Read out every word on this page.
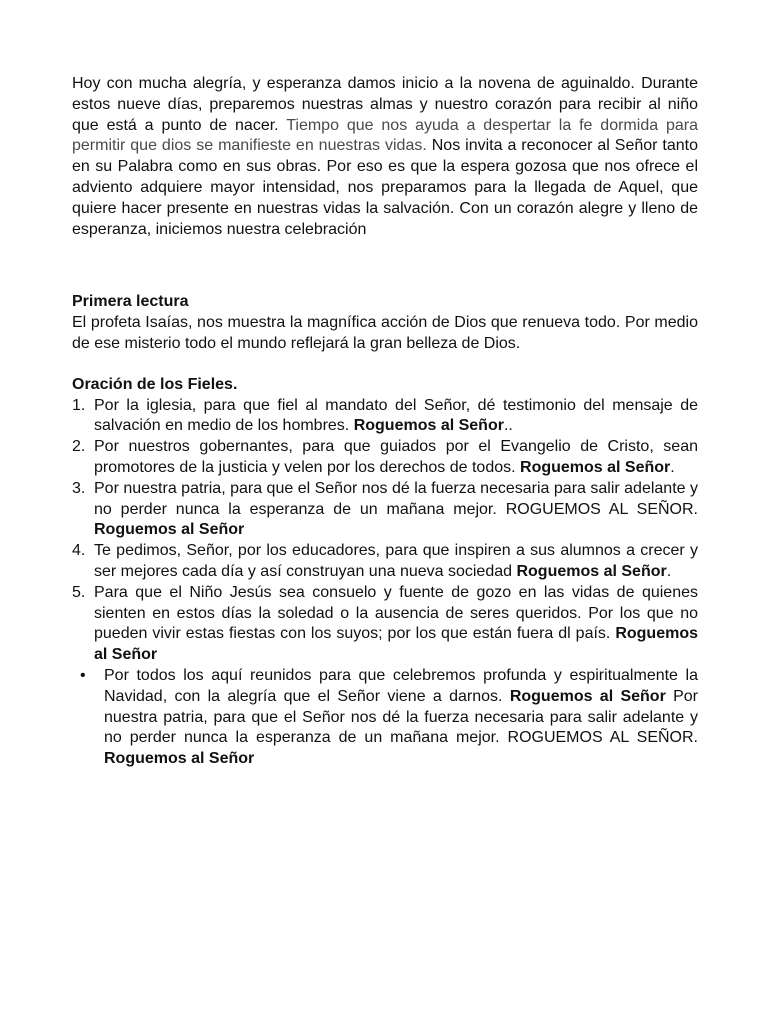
Hoy con mucha alegría, y esperanza damos inicio a la novena de aguinaldo. Durante estos nueve días, preparemos nuestras almas y nuestro corazón para recibir al niño que está a punto de nacer. Tiempo que nos ayuda a despertar la fe dormida para permitir que dios se manifieste en nuestras vidas. Nos invita a reconocer al Señor tanto en su Palabra como en sus obras. Por eso es que la espera gozosa que nos ofrece el adviento adquiere mayor intensidad, nos preparamos para la llegada de Aquel, que quiere hacer presente en nuestras vidas la salvación. Con un corazón alegre y lleno de esperanza, iniciemos nuestra celebración

Primera lectura

El profeta Isaías, nos muestra la magnífica acción de Dios que renueva todo. Por medio de ese misterio todo el mundo reflejará la gran belleza de Dios.

Oración de los Fieles.
1. Por la iglesia, para que fiel al mandato del Señor, dé testimonio del mensaje de salvación en medio de los hombres. Roguemos al Señor..
2. Por nuestros gobernantes, para que guiados por el Evangelio de Cristo, sean promotores de la justicia y velen por los derechos de todos. Roguemos al Señor.
3. Por nuestra patria, para que el Señor nos dé la fuerza necesaria para salir adelante y no perder nunca la esperanza de un mañana mejor. ROGUEMOS AL SEÑOR. Roguemos al Señor
4. Te pedimos, Señor, por los educadores, para que inspiren a sus alumnos a crecer y ser mejores cada día y así construyan una nueva sociedad Roguemos al Señor.
5. Para que el Niño Jesús sea consuelo y fuente de gozo en las vidas de quienes sienten en estos días la soledad o la ausencia de seres queridos. Por los que no pueden vivir estas fiestas con los suyos; por los que están fuera dl país. Roguemos al Señor
• Por todos los aquí reunidos para que celebremos profunda y espiritualmente la Navidad, con la alegría que el Señor viene a darnos. Roguemos al Señor Por nuestra patria, para que el Señor nos dé la fuerza necesaria para salir adelante y no perder nunca la esperanza de un mañana mejor. ROGUEMOS AL SEÑOR. Roguemos al Señor
